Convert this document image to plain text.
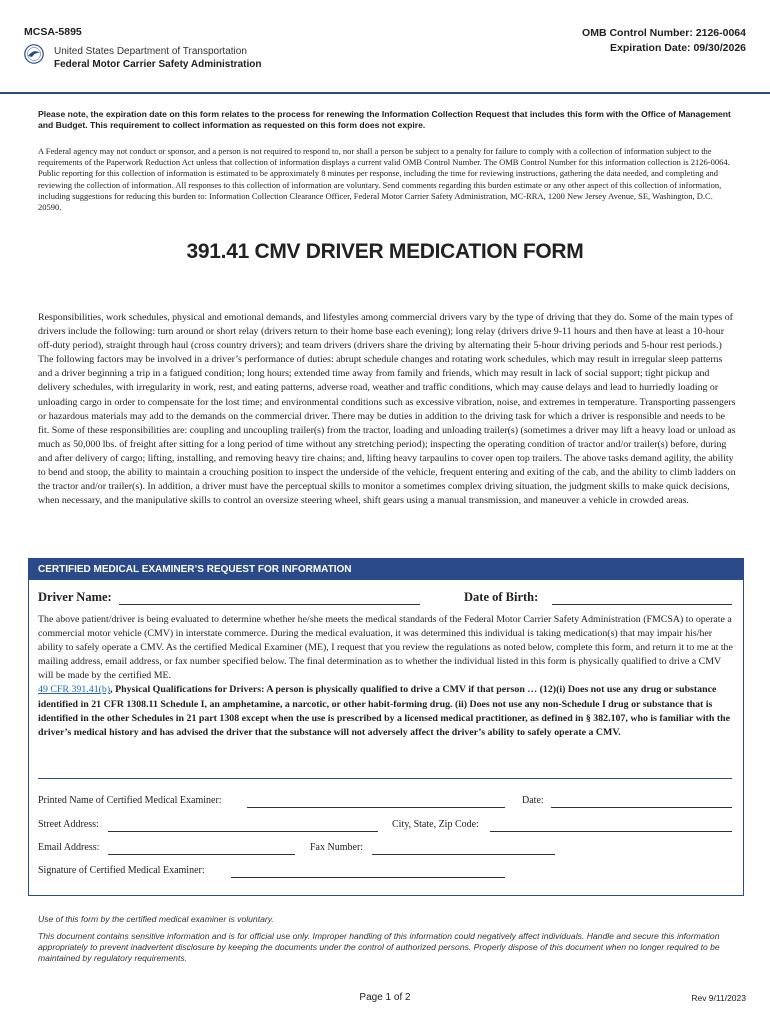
MCSA-5895
United States Department of Transportation
Federal Motor Carrier Safety Administration
OMB Control Number: 2126-0064
Expiration Date: 09/30/2026
Please note, the expiration date on this form relates to the process for renewing the Information Collection Request that includes this form with the Office of Management and Budget. This requirement to collect information as requested on this form does not expire.
A Federal agency may not conduct or sponsor, and a person is not required to respond to, nor shall a person be subject to a penalty for failure to comply with a collection of information subject to the requirements of the Paperwork Reduction Act unless that collection of information displays a current valid OMB Control Number. The OMB Control Number for this information collection is 2126-0064. Public reporting for this collection of information is estimated to be approximately 8 minutes per response, including the time for reviewing instructions, gathering the data needed, and completing and reviewing the collection of information. All responses to this collection of information are voluntary. Send comments regarding this burden estimate or any other aspect of this collection of information, including suggestions for reducing this burden to: Information Collection Clearance Officer, Federal Motor Carrier Safety Administration, MC-RRA, 1200 New Jersey Avenue, SE, Washington, D.C. 20590.
391.41 CMV DRIVER MEDICATION FORM
Responsibilities, work schedules, physical and emotional demands, and lifestyles among commercial drivers vary by the type of driving that they do. Some of the main types of drivers include the following: turn around or short relay (drivers return to their home base each evening); long relay (drivers drive 9-11 hours and then have at least a 10-hour off-duty period), straight through haul (cross country drivers); and team drivers (drivers share the driving by alternating their 5-hour driving periods and 5-hour rest periods.) The following factors may be involved in a driver’s performance of duties: abrupt schedule changes and rotating work schedules, which may result in irregular sleep patterns and a driver beginning a trip in a fatigued condition; long hours; extended time away from family and friends, which may result in lack of social support; tight pickup and delivery schedules, with irregularity in work, rest, and eating patterns, adverse road, weather and traffic conditions, which may cause delays and lead to hurriedly loading or unloading cargo in order to compensate for the lost time; and environmental conditions such as excessive vibration, noise, and extremes in temperature. Transporting passengers or hazardous materials may add to the demands on the commercial driver. There may be duties in addition to the driving task for which a driver is responsible and needs to be fit. Some of these responsibilities are: coupling and uncoupling trailer(s) from the tractor, loading and unloading trailer(s) (sometimes a driver may lift a heavy load or unload as much as 50,000 lbs. of freight after sitting for a long period of time without any stretching period); inspecting the operating condition of tractor and/or trailer(s) before, during and after delivery of cargo; lifting, installing, and removing heavy tire chains; and, lifting heavy tarpaulins to cover open top trailers. The above tasks demand agility, the ability to bend and stoop, the ability to maintain a crouching position to inspect the underside of the vehicle, frequent entering and exiting of the cab, and the ability to climb ladders on the tractor and/or trailer(s). In addition, a driver must have the perceptual skills to monitor a sometimes complex driving situation, the judgment skills to make quick decisions, when necessary, and the manipulative skills to control an oversize steering wheel, shift gears using a manual transmission, and maneuver a vehicle in crowded areas.
CERTIFIED MEDICAL EXAMINER’S REQUEST FOR INFORMATION
Driver Name:	Date of Birth:
The above patient/driver is being evaluated to determine whether he/she meets the medical standards of the Federal Motor Carrier Safety Administration (FMCSA) to operate a commercial motor vehicle (CMV) in interstate commerce. During the medical evaluation, it was determined this individual is taking medication(s) that may impair his/her ability to safely operate a CMV. As the certified Medical Examiner (ME), I request that you review the regulations as noted below, complete this form, and return it to me at the mailing address, email address, or fax number specified below. The final determination as to whether the individual listed in this form is physically qualified to drive a CMV will be made by the certified ME.
49 CFR 391.41(b), Physical Qualifications for Drivers: A person is physically qualified to drive a CMV if that person … (12)(i) Does not use any drug or substance identified in 21 CFR 1308.11 Schedule I, an amphetamine, a narcotic, or other habit-forming drug. (ii) Does not use any non-Schedule I drug or substance that is identified in the other Schedules in 21 part 1308 except when the use is prescribed by a licensed medical practitioner, as defined in § 382.107, who is familiar with the driver’s medical history and has advised the driver that the substance will not adversely affect the driver’s ability to safely operate a CMV.
Printed Name of Certified Medical Examiner:	Date:
Street Address:	City, State, Zip Code:
Email Address:	Fax Number:
Signature of Certified Medical Examiner:
Use of this form by the certified medical examiner is voluntary.
This document contains sensitive information and is for official use only. Improper handling of this information could negatively affect individuals. Handle and secure this information appropriately to prevent inadvertent disclosure by keeping the documents under the control of authorized persons. Properly dispose of this document when no longer required to be maintained by regulatory requirements.
Page 1 of 2	Rev 9/11/2023
